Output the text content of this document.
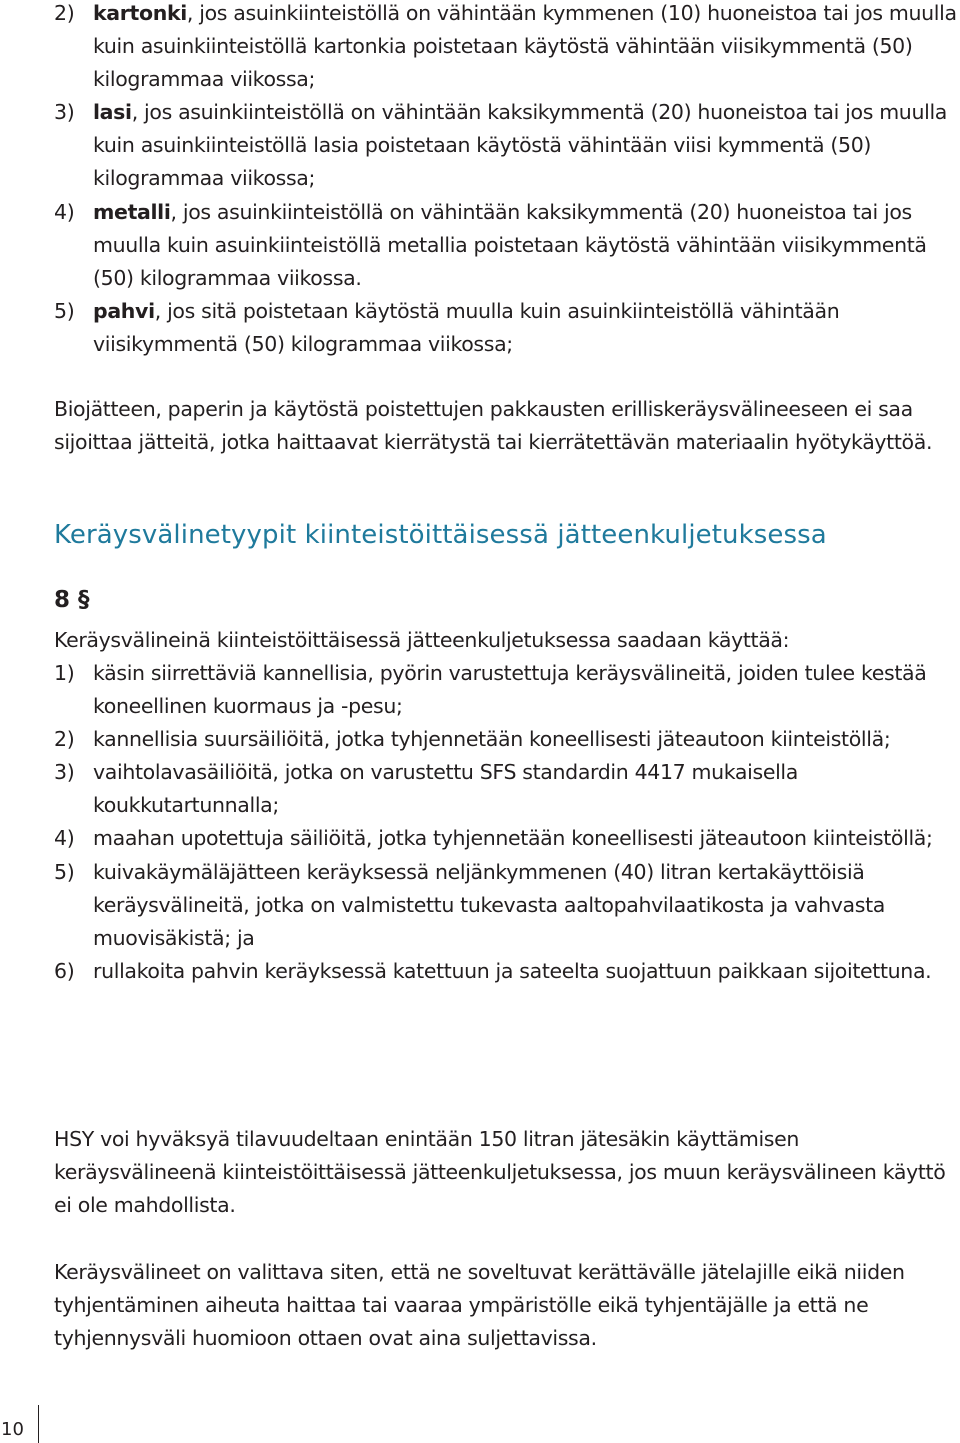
2) kartonki, jos asuinkiinteistöllä on vähintään kymmenen (10) huoneistoa tai jos muulla kuin asuinkiinteistöllä kartonkia poistetaan käytöstä vähintään viisikymmentä (50) kilogrammaa viikossa;
3) lasi, jos asuinkiinteistöllä on vähintään kaksikymmentä (20) huoneistoa tai jos muulla kuin asuinkiinteistöllä lasia poistetaan käytöstä vähintään viisi kymmentä (50) kilogrammaa viikossa;
4) metalli, jos asuinkiinteistöllä on vähintään kaksikymmentä (20) huoneistoa tai jos muulla kuin asuinkiinteistöllä metallia poistetaan käytöstä vähintään viisikymmentä (50) kilogrammaa viikossa.
5) pahvi, jos sitä poistetaan käytöstä muulla kuin asuinkiinteistöllä vähintään viisikymmentä (50) kilogrammaa viikossa;

Biojätteen, paperin ja käytöstä poistettujen pakkausten erilliskeräysvälineeseen ei saa sijoittaa jätteitä, jotka haittaavat kierrätystä tai kierrätettävän materiaalin hyötykäyttöä.

Keräysvälinetyypit kiinteistöittäisessä jätteenkuljetuksessa
8 §

Keräysvälineinä kiinteistöittäisessä jätteenkuljetuksessa saadaan käyttää:

1) käsin siirrettäviä kannellisia, pyörin varustettuja keräysvälineitä, joiden tulee kestää koneellinen kuormaus ja -pesu;
2) kannellisia suursäiliöitä, jotka tyhjennetään koneellisesti jäteautoon kiinteistöllä;
3) vaihtolavasäiliöitä, jotka on varustettu SFS standardin 4417 mukaisella koukkutartunnalla;
4) maahan upotettuja säiliöitä, jotka tyhjennetään koneellisesti jäteautoon kiinteistöllä;
5) kuivakäymäläjätteen keräyksessä neljänkymmenen (40) litran kertakäyttöisiä keräysvälineitä, jotka on valmistettu tukevasta aaltopahvilaatikosta ja vahvasta muovisäkistä; ja
6) rullakoita pahvin keräyksessä katettuun ja sateelta suojattuun paikkaan sijoitettuna.

HSY voi hyväksyä tilavuudeltaan enintään 150 litran jätesäkin käyttämisen keräysvälineenä kiinteistöittäisessä jätteenkuljetuksessa, jos muun keräysvälineen käyttö ei ole mahdollista.

Keräysvälineet on valittava siten, että ne soveltuvat kerättävälle jätelajille eikä niiden tyhjentäminen aiheuta haittaa tai vaaraa ympäristölle eikä tyhjentäjälle ja että ne tyhjennysväli huomioon ottaen ovat aina suljettavissa.

10
